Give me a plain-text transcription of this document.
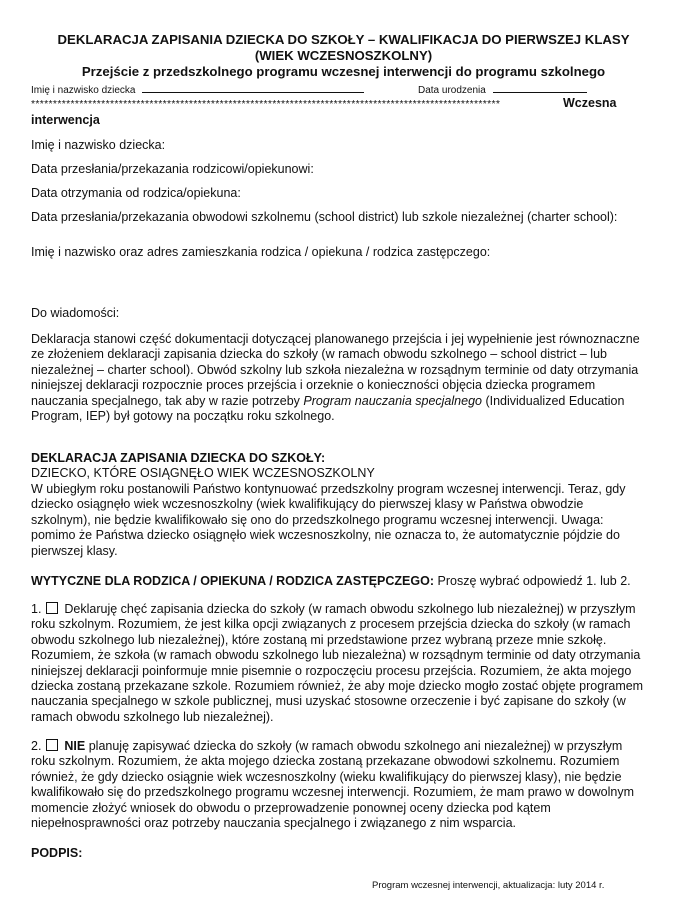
DEKLARACJA ZAPISANIA DZIECKA DO SZKOŁY – KWALIFIKACJA DO PIERWSZEJ KLASY
(WIEK WCZESNOSZKOLNY)
Przejście z przedszkolnego programu wczesnej interwencji do programu szkolnego
Imię i nazwisko dziecka	Data urodzenia
***********************************************************************************************************	Wczesna
interwencja
Imię i nazwisko dziecka:
Data przesłania/przekazania rodzicowi/opiekunowi:
Data otrzymania od rodzica/opiekuna:
Data przesłania/przekazania obwodowi szkolnemu (school district) lub szkole niezależnej (charter school):
Imię i nazwisko oraz adres zamieszkania rodzica / opiekuna / rodzica zastępczego:
Do wiadomości:
Deklaracja stanowi część dokumentacji dotyczącej planowanego przejścia i jej wypełnienie jest równoznaczne
ze złożeniem deklaracji zapisania dziecka do szkoły (w ramach obwodu szkolnego – school district – lub
niezależnej – charter school). Obwód szkolny lub szkoła niezależna w rozsądnym terminie od daty otrzymania
niniejszej deklaracji rozpocznie proces przejścia i orzeknie o konieczności objęcia dziecka programem
nauczania specjalnego, tak aby w razie potrzeby Program nauczania specjalnego (Individualized Education
Program, IEP) był gotowy na początku roku szkolnego.
DEKLARACJA ZAPISANIA DZIECKA DO SZKOŁY:
DZIECKO, KTÓRE OSIĄGNĘŁO WIEK WCZESNOSZKOLNY
W ubiegłym roku postanowili Państwo kontynuować przedszkolny program wczesnej interwencji. Teraz, gdy
dziecko osiągnęło wiek wczesnoszkolny (wiek kwalifikujący do pierwszej klasy w Państwa obwodzie
szkolnym), nie będzie kwalifikowało się ono do przedszkolnego programu wczesnej interwencji. Uwaga:
pomimo że Państwa dziecko osiągnęło wiek wczesnoszkolny, nie oznacza to, że automatycznie pójdzie do
pierwszej klasy.
WYTYCZNE DLA RODZICA / OPIEKUNA / RODZICA ZASTĘPCZEGO: Proszę wybrać odpowiedź 1. lub 2.
1. Deklaruję chęć zapisania dziecka do szkoły (w ramach obwodu szkolnego lub niezależnej) w przyszłym
roku szkolnym. Rozumiem, że jest kilka opcji związanych z procesem przejścia dziecka do szkoły (w ramach
obwodu szkolnego lub niezależnej), które zostaną mi przedstawione przez wybraną przeze mnie szkołę.
Rozumiem, że szkoła (w ramach obwodu szkolnego lub niezależna) w rozsądnym terminie od daty otrzymania
niniejszej deklaracji poinformuje mnie pisemnie o rozpoczęciu procesu przejścia. Rozumiem, że akta mojego
dziecka zostaną przekazane szkole. Rozumiem również, że aby moje dziecko mogło zostać objęte programem
nauczania specjalnego w szkole publicznej, musi uzyskać stosowne orzeczenie i być zapisane do szkoły (w
ramach obwodu szkolnego lub niezależnej).
2. NIE planuję zapisywać dziecka do szkoły (w ramach obwodu szkolnego ani niezależnej) w przyszłym
roku szkolnym. Rozumiem, że akta mojego dziecka zostaną przekazane obwodowi szkolnemu. Rozumiem
również, że gdy dziecko osiągnie wiek wczesnoszkolny (wieku kwalifikujący do pierwszej klasy), nie będzie
kwalifikowało się do przedszkolnego programu wczesnej interwencji. Rozumiem, że mam prawo w dowolnym
momencie złożyć wniosek do obwodu o przeprowadzenie ponownej oceny dziecka pod kątem
niepełnosprawności oraz potrzeby nauczania specjalnego i związanego z nim wsparcia.
PODPIS:
Program wczesnej interwencji, aktualizacja: luty 2014 r.
